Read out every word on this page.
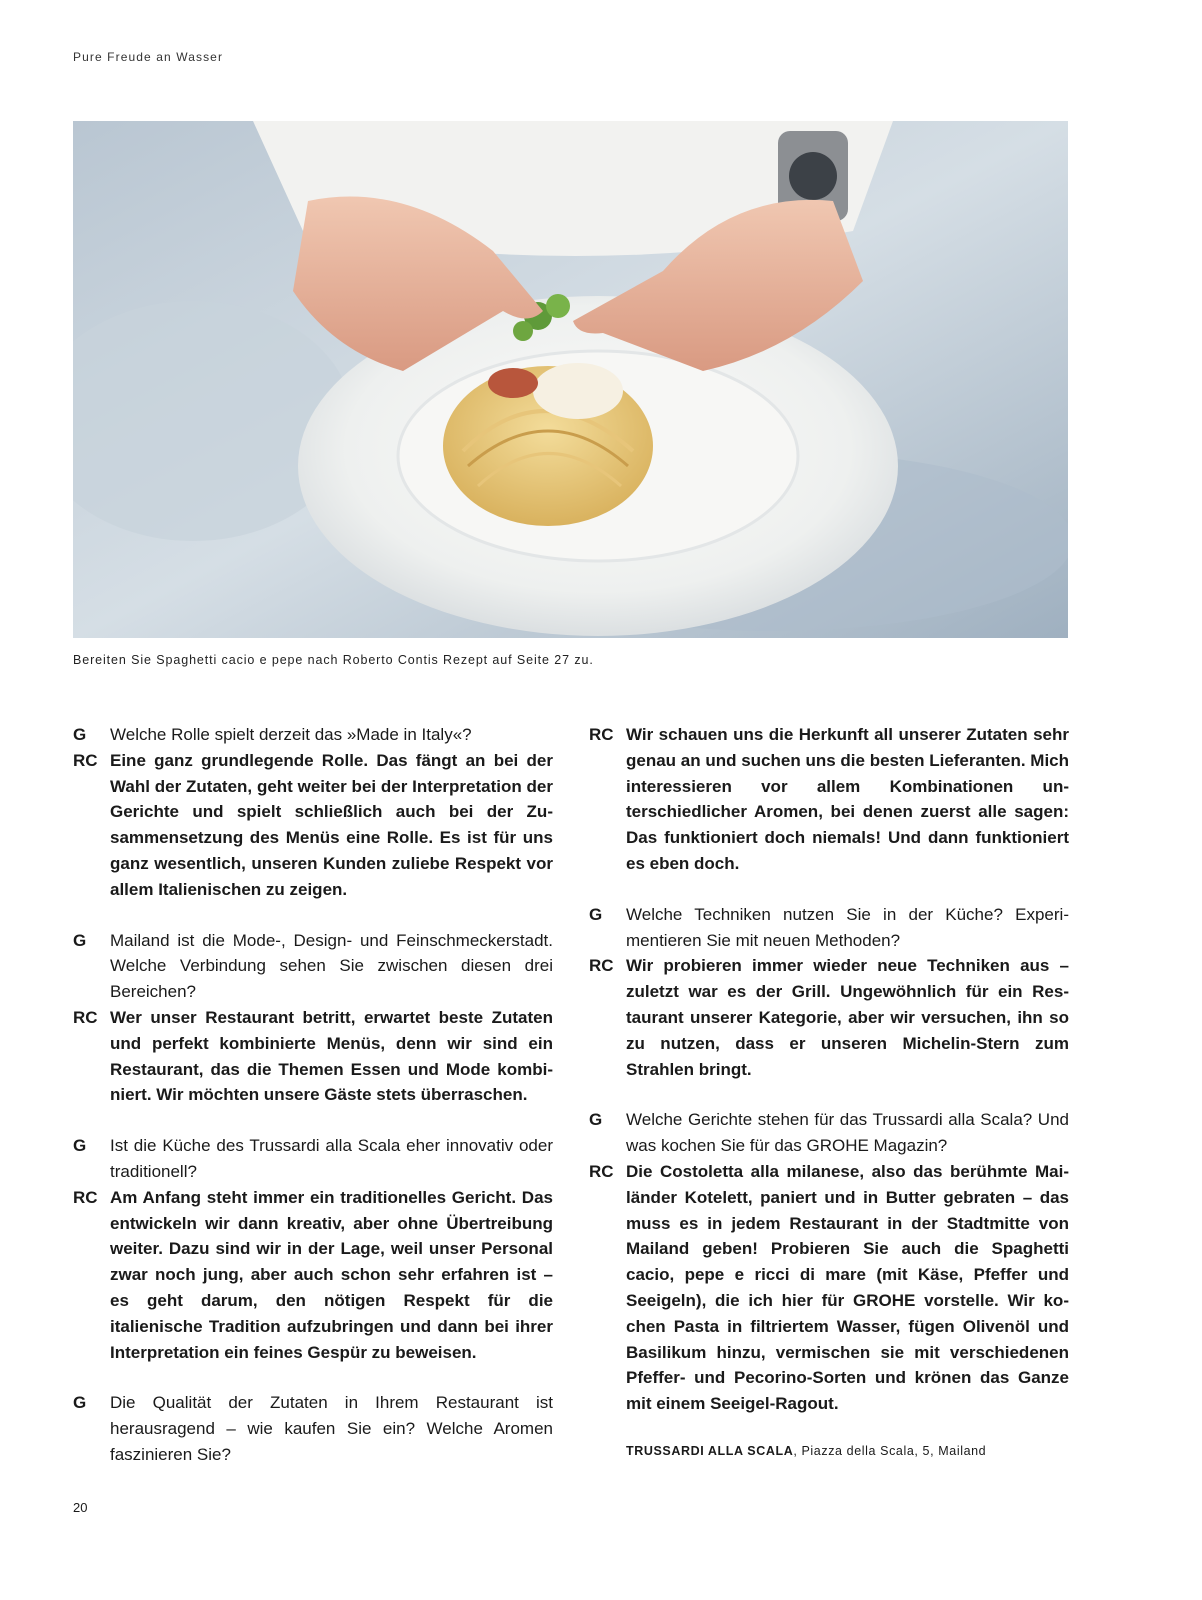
Pure Freude an Wasser
Bereiten Sie Spaghetti cacio e pepe nach Roberto Contis Rezept auf Seite 27 zu.
G	Welche Rolle spielt derzeit das »Made in Italy«?
RC Eine ganz grundlegende Rolle. Das fängt an bei der Wahl der Zutaten, geht weiter bei der Interpretation der Gerichte und spielt schließlich auch bei der Zusammensetzung des Menüs eine Rolle. Es ist für uns ganz wesentlich, unseren Kunden zuliebe Respekt vor allem Italienischen zu zeigen.
G	Mailand ist die Mode-, Design- und Feinschmeckerstadt. Welche Verbindung sehen Sie zwischen diesen drei Bereichen?
RC Wer unser Restaurant betritt, erwartet beste Zutaten und perfekt kombinierte Menüs, denn wir sind ein Restaurant, das die Themen Essen und Mode kombiniert. Wir möchten unsere Gäste stets überraschen.
G	Ist die Küche des Trussardi alla Scala eher innovativ oder traditionell?
RC Am Anfang steht immer ein traditionelles Gericht. Das entwickeln wir dann kreativ, aber ohne Übertreibung weiter. Dazu sind wir in der Lage, weil unser Personal zwar noch jung, aber auch schon sehr erfahren ist – es geht darum, den nötigen Respekt für die italienische Tradition aufzubringen und dann bei ihrer Interpretation ein feines Gespür zu beweisen.
G	Die Qualität der Zutaten in Ihrem Restaurant ist herausragend – wie kaufen Sie ein? Welche Aromen faszinieren Sie?
RC Wir schauen uns die Herkunft all unserer Zutaten sehr genau an und suchen uns die besten Lieferanten. Mich interessieren vor allem Kombinationen unterschiedlicher Aromen, bei denen zuerst alle sagen: Das funktioniert doch niemals! Und dann funktioniert es eben doch.
G	Welche Techniken nutzen Sie in der Küche? Experimentieren Sie mit neuen Methoden?
RC Wir probieren immer wieder neue Techniken aus – zuletzt war es der Grill. Ungewöhnlich für ein Restaurant unserer Kategorie, aber wir versuchen, ihn so zu nutzen, dass er unseren Michelin-Stern zum Strahlen bringt.
G	Welche Gerichte stehen für das Trussardi alla Scala? Und was kochen Sie für das GROHE Magazin?
RC Die Costoletta alla milanese, also das berühmte Mailänder Kotelett, paniert und in Butter gebraten – das muss es in jedem Restaurant in der Stadtmitte von Mailand geben! Probieren Sie auch die Spaghetti cacio, pepe e ricci di mare (mit Käse, Pfeffer und Seeigeln), die ich hier für GROHE vorstelle. Wir kochen Pasta in filtriertem Wasser, fügen Olivenöl und Basilikum hinzu, vermischen sie mit verschiedenen Pfeffer- und Pecorino-Sorten und krönen das Ganze mit einem Seeigel-Ragout.
TRUSSARDI ALLA SCALA, Piazza della Scala, 5, Mailand
20
